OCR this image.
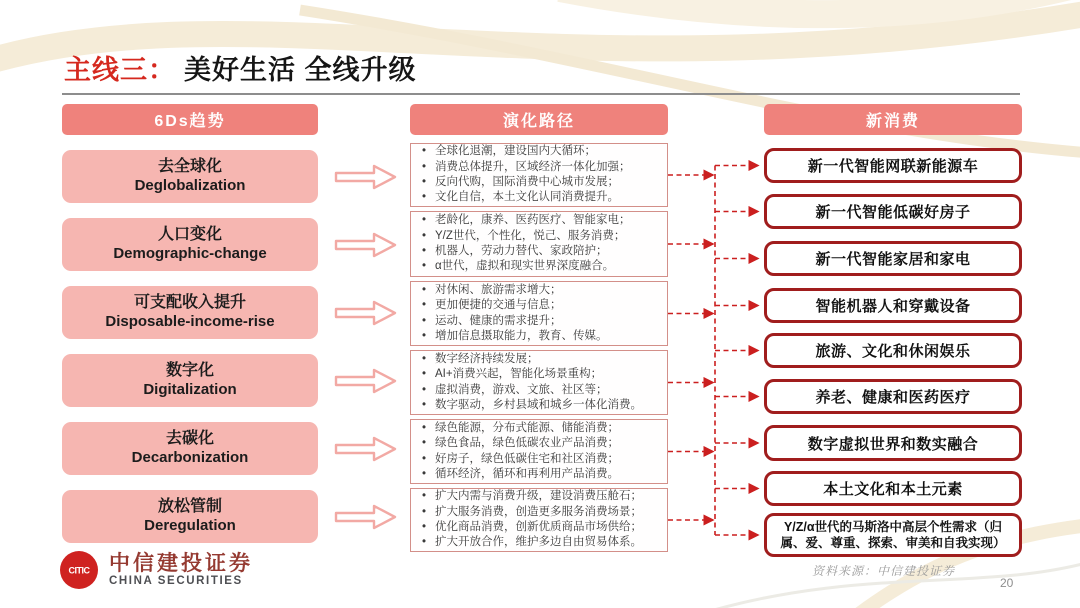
主线三： 美好生活 全线升级
6Ds趋势	演化路径	新消费
去全球化
Deglobalization
人口变化
Demographic-change
可支配收入提升
Disposable-income-rise
数字化
Digitalization
去碳化
Decarbonization
放松管制
Deregulation
• 全球化退潮，建设国内大循环；
• 消费总体提升，区域经济一体化加强；
• 反向代购，国际消费中心城市发展；
• 文化自信，本土文化认同消费提升。
• 老龄化，康养、医药医疗、智能家电；
• Y/Z世代，个性化，悦己、服务消费；
• 机器人，劳动力替代、家政陪护；
• α世代，虚拟和现实世界深度融合。
• 对休闲、旅游需求增大；
• 更加便捷的交通与信息；
• 运动、健康的需求提升；
• 增加信息摄取能力，教育、传媒。
• 数字经济持续发展；
• AI+消费兴起，智能化场景重构；
• 虚拟消费，游戏、文旅、社区等；
• 数字驱动，乡村县域和城乡一体化消费。
• 绿色能源，分布式能源、储能消费；
• 绿色食品，绿色低碳农业产品消费；
• 好房子，绿色低碳住宅和社区消费；
• 循环经济，循环和再利用产品消费。
• 扩大内需与消费升级，建设消费压舱石；
• 扩大服务消费，创造更多服务消费场景；
• 优化商品消费，创新优质商品市场供给；
• 扩大开放合作，维护多边自由贸易体系。
新一代智能网联新能源车
新一代智能低碳好房子
新一代智能家居和家电
智能机器人和穿戴设备
旅游、文化和休闲娱乐
养老、健康和医药医疗
数字虚拟世界和数实融合
本土文化和本土元素
Y/Z/α世代的马斯洛中高层个性需求（归属、爱、尊重、探索、审美和自我实现）
CITIC 中信建投证券
CHINA SECURITIES
资料来源：中信建投证券
20
